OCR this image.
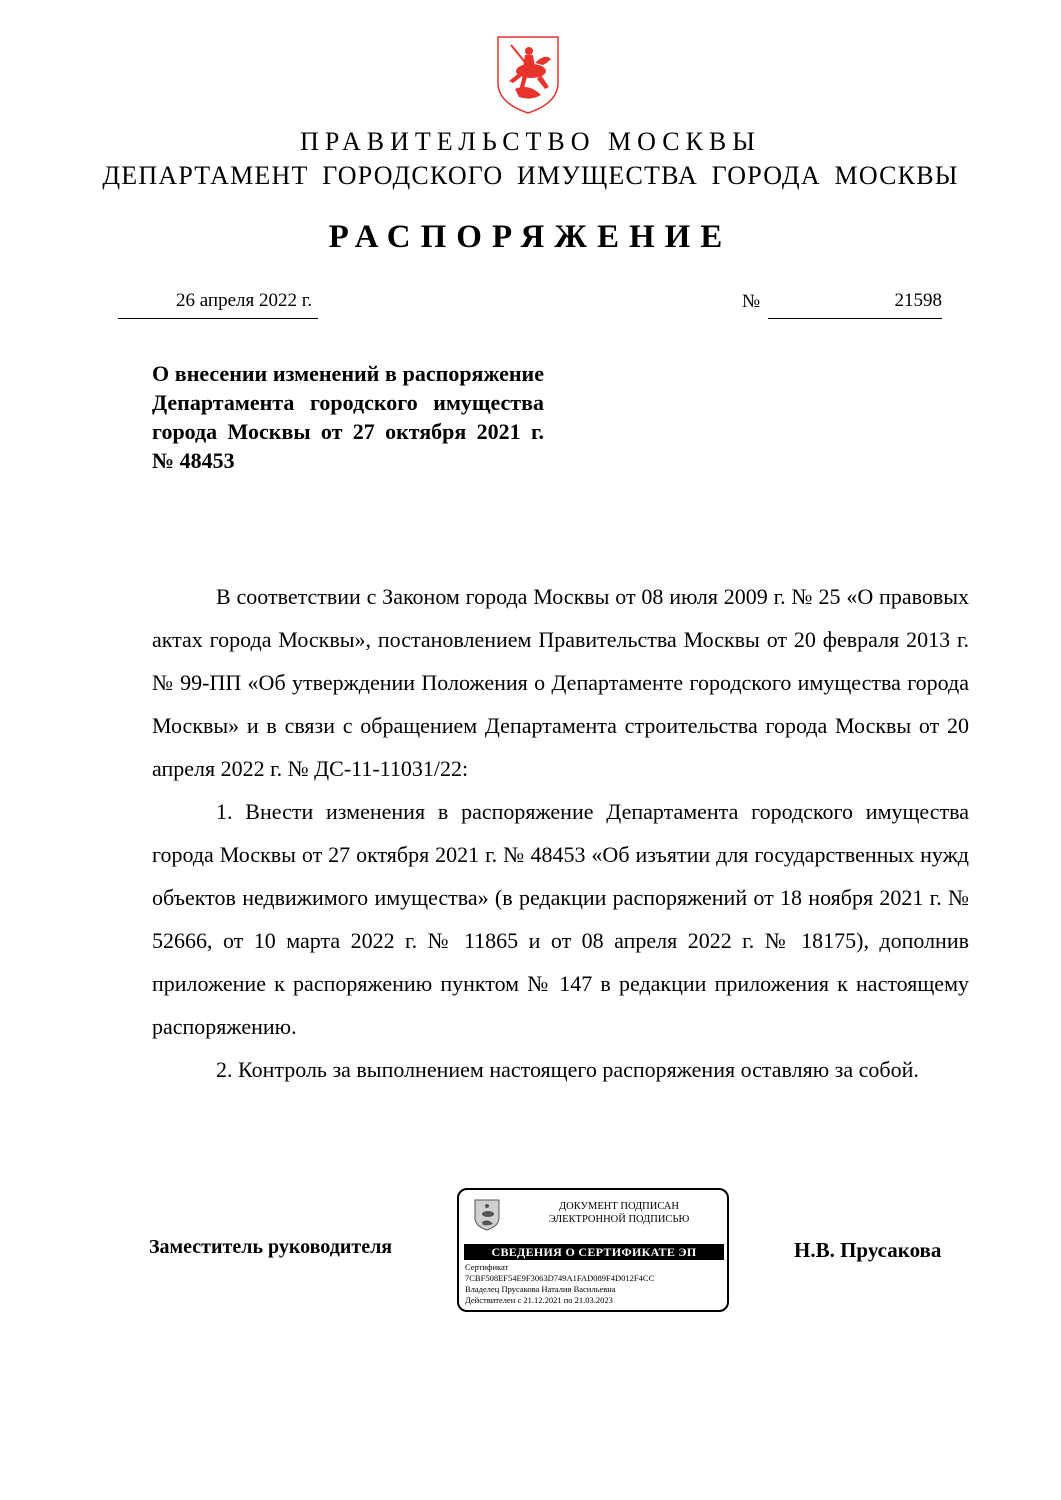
ПРАВИТЕЛЬСТВО МОСКВЫ
ДЕПАРТАМЕНТ ГОРОДСКОГО ИМУЩЕСТВА ГОРОДА МОСКВЫ
РАСПОРЯЖЕНИЕ
26 апреля 2022 г.	№	21598
О внесении изменений в распоряжение Департамента городского имущества города Москвы от 27 октября 2021 г.
№ 48453

В соответствии с Законом города Москвы от 08 июля 2009 г. № 25 «О правовых актах города Москвы», постановлением Правительства Москвы от 20 февраля 2013 г. № 99-ПП «Об утверждении Положения о Департаменте городского имущества города Москвы» и в связи с обращением Департамента строительства города Москвы от 20 апреля 2022 г. № ДС-11-11031/22:

1. Внести изменения в распоряжение Департамента городского имущества города Москвы от 27 октября 2021 г. № 48453 «Об изъятии для государственных нужд объектов недвижимого имущества» (в редакции распоряжений от 18 ноября 2021 г. № 52666, от 10 марта 2022 г. № 11865 и от 08 апреля 2022 г. № 18175), дополнив приложение к распоряжению пунктом № 147 в редакции приложения к настоящему распоряжению.

2. Контроль за выполнением настоящего распоряжения оставляю за собой.

Заместитель руководителя
ДОКУМЕНТ ПОДПИСАН
ЭЛЕКТРОННОЙ ПОДПИСЬЮ
СВЕДЕНИЯ О СЕРТИФИКАТЕ ЭП
Сертификат
7CBF508EF54E9F3063D749A1FAD089F4D012F4CC
Владелец Прусакова Наталия Васильевна
Действителен с 21.12.2021 по 21.03.2023
Н.В. Прусакова
